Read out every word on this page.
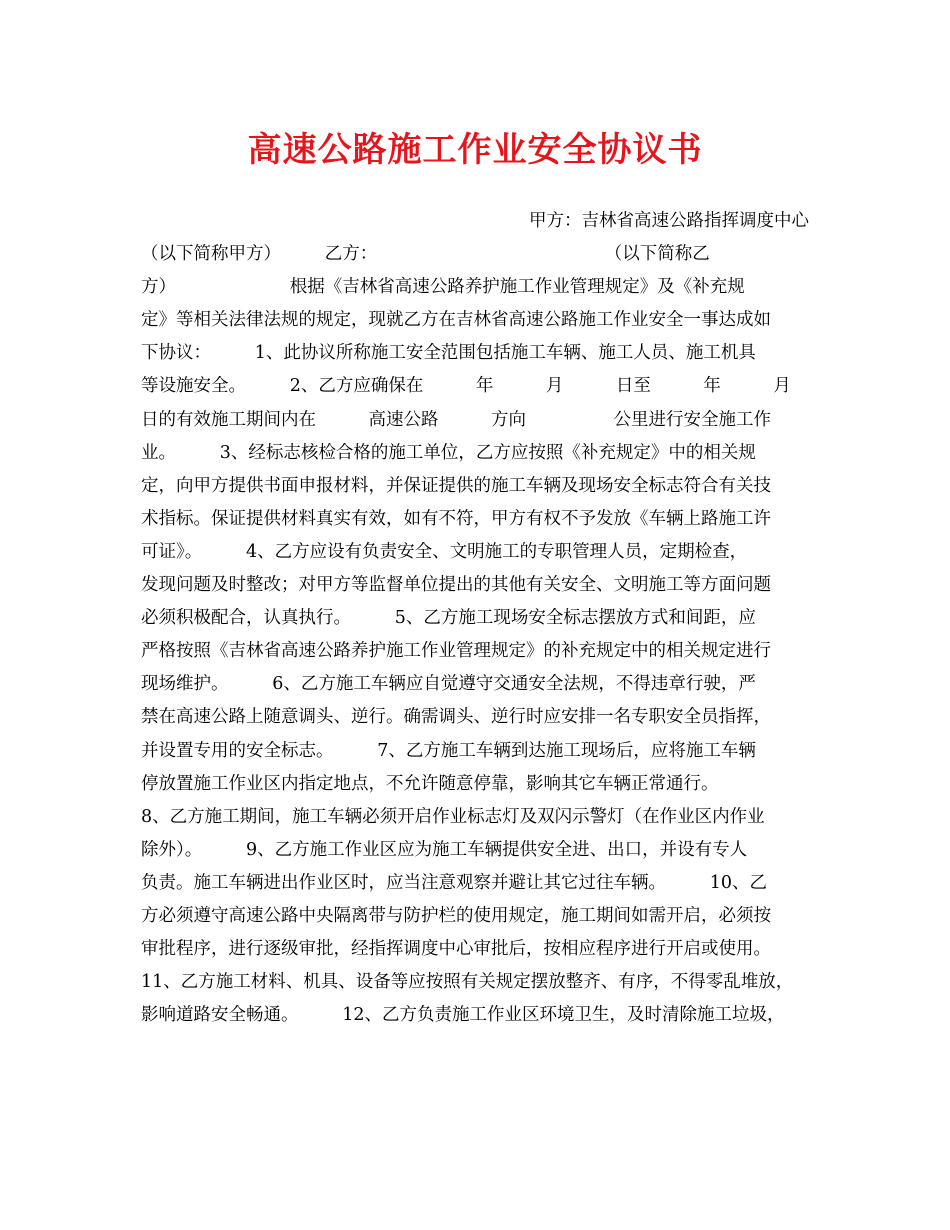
高速公路施工作业安全协议书
甲方：吉林省高速公路指挥调度中心
（以下简称甲方）　　　乙方：　　　　　　　　　　　　　　（以下简称乙
方）　　　　　　　根据《吉林省高速公路养护施工作业管理规定》及《补充规
定》等相关法律法规的规定，现就乙方在吉林省高速公路施工作业安全一事达成如
下协议：　　　1、此协议所称施工安全范围包括施工车辆、施工人员、施工机具
等设施安全。　　　2、乙方应确保在　　　年　　　月　　　日至　　　年　　　月
日的有效施工期间内在　　　高速公路　　　方向　　　　　公里进行安全施工作
业。　　　3、经标志核检合格的施工单位，乙方应按照《补充规定》中的相关规
定，向甲方提供书面申报材料，并保证提供的施工车辆及现场安全标志符合有关技
术指标。保证提供材料真实有效，如有不符，甲方有权不予发放《车辆上路施工许
可证》。　　　4、乙方应设有负责安全、文明施工的专职管理人员，定期检查，
发现问题及时整改；对甲方等监督单位提出的其他有关安全、文明施工等方面问题
必须积极配合，认真执行。　　　5、乙方施工现场安全标志摆放方式和间距，应
严格按照《吉林省高速公路养护施工作业管理规定》的补充规定中的相关规定进行
现场维护。　　　6、乙方施工车辆应自觉遵守交通安全法规，不得违章行驶，严
禁在高速公路上随意调头、逆行。确需调头、逆行时应安排一名专职安全员指挥，
并设置专用的安全标志。　　　7、乙方施工车辆到达施工现场后，应将施工车辆
停放置施工作业区内指定地点，不允许随意停靠，影响其它车辆正常通行。
8、乙方施工期间，施工车辆必须开启作业标志灯及双闪示警灯（在作业区内作业
除外）。　　　9、乙方施工作业区应为施工车辆提供安全进、出口，并设有专人
负责。施工车辆进出作业区时，应当注意观察并避让其它过往车辆。　　　10、乙
方必须遵守高速公路中央隔离带与防护栏的使用规定，施工期间如需开启，必须按
审批程序，进行逐级审批，经指挥调度中心审批后，按相应程序进行开启或使用。
11、乙方施工材料、机具、设备等应按照有关规定摆放整齐、有序，不得零乱堆放，
影响道路安全畅通。　　　12、乙方负责施工作业区环境卫生，及时清除施工垃圾，
